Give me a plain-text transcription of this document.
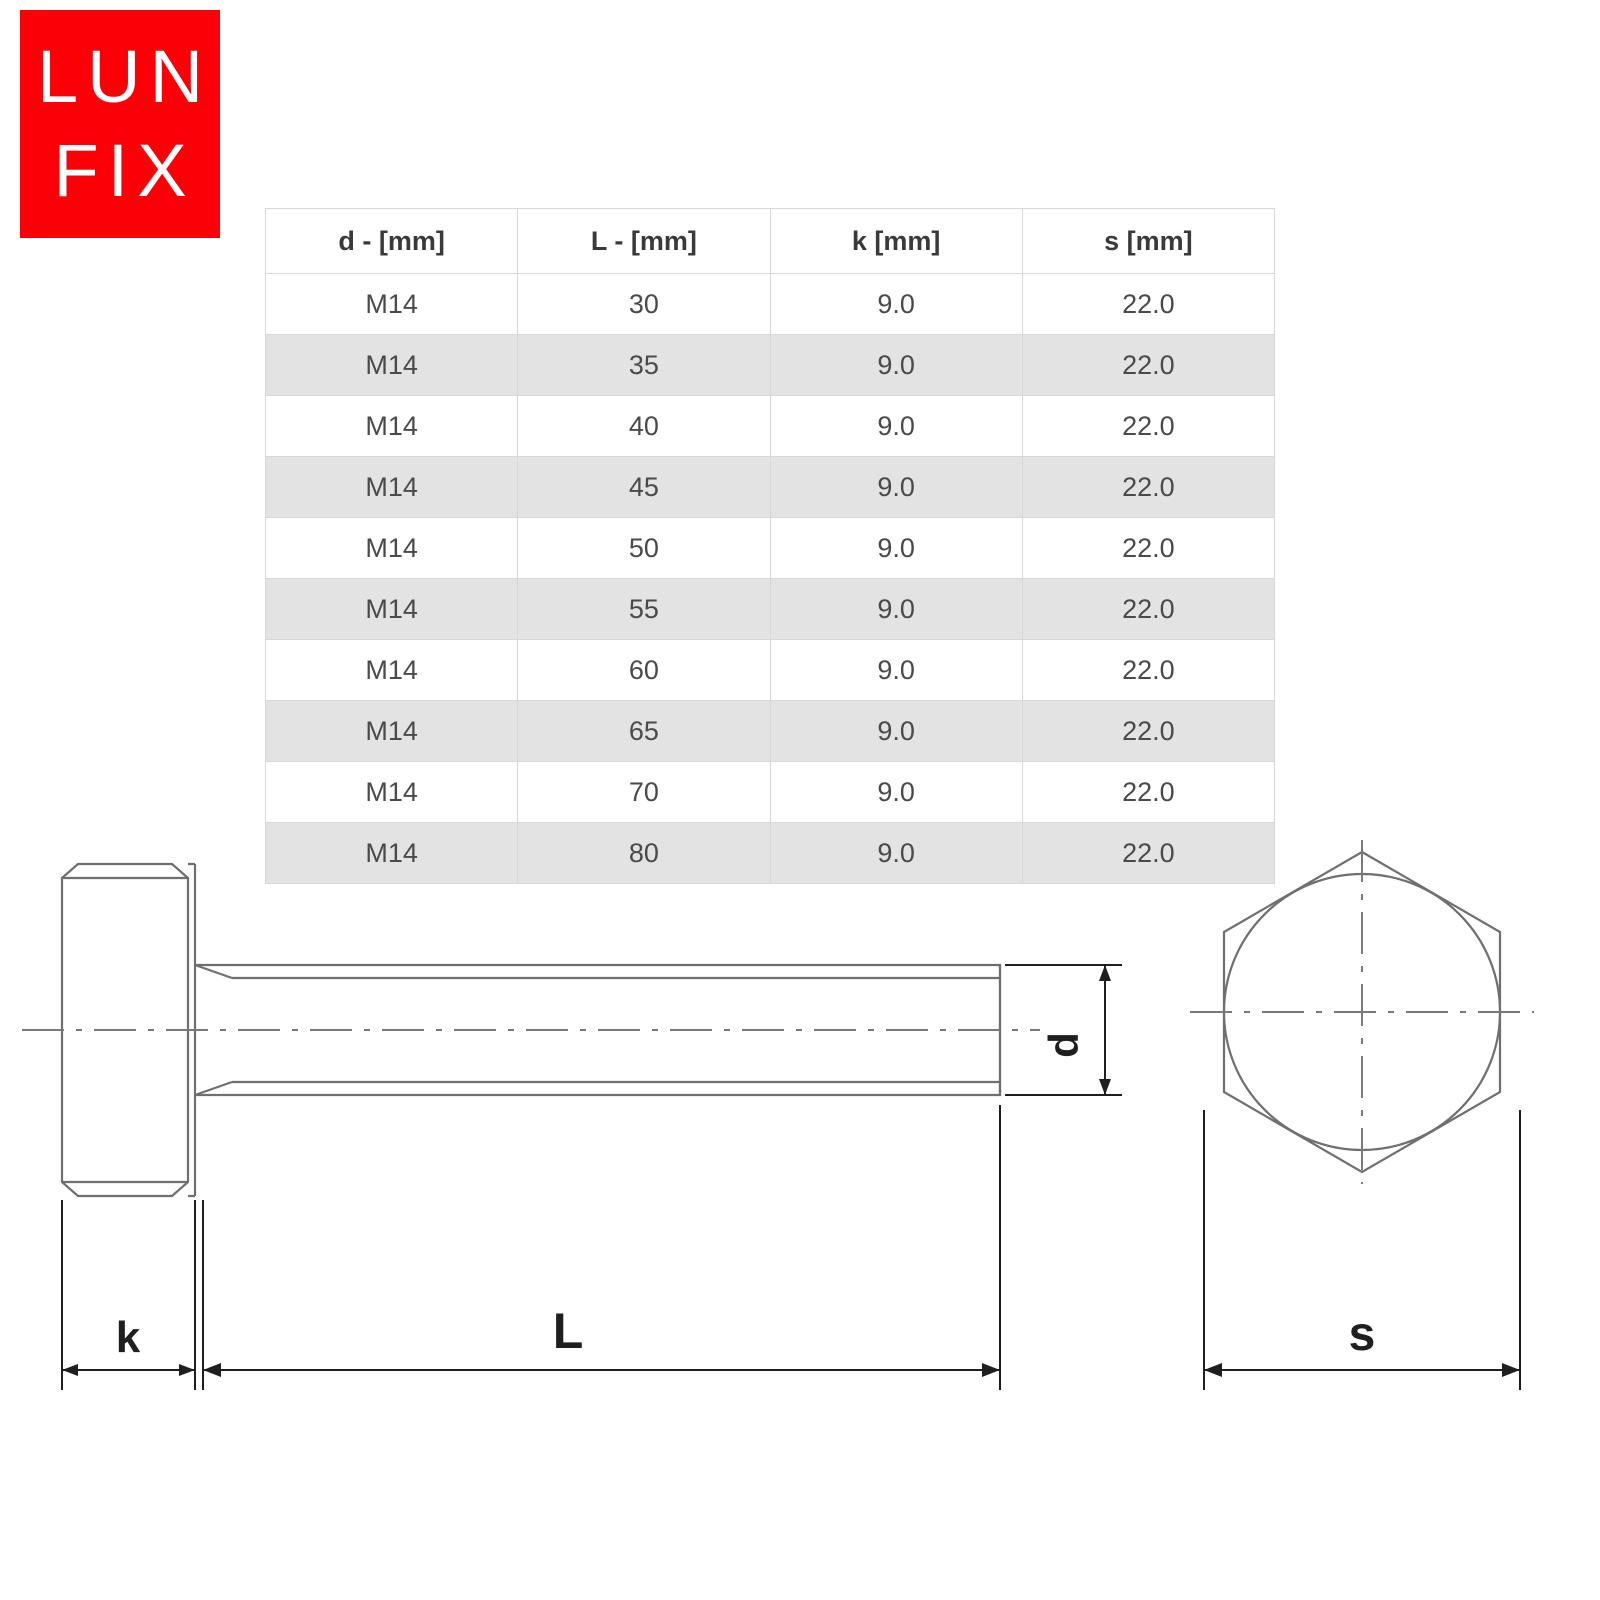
LUN
FIX
d - [mm]	L - [mm]	k [mm]	s [mm]
M14	30	9.0	22.0
M14	35	9.0	22.0
M14	40	9.0	22.0
M14	45	9.0	22.0
M14	50	9.0	22.0
M14	55	9.0	22.0
M14	60	9.0	22.0
M14	65	9.0	22.0
M14	70	9.0	22.0
M14	80	9.0	22.0
d
k	L	s
